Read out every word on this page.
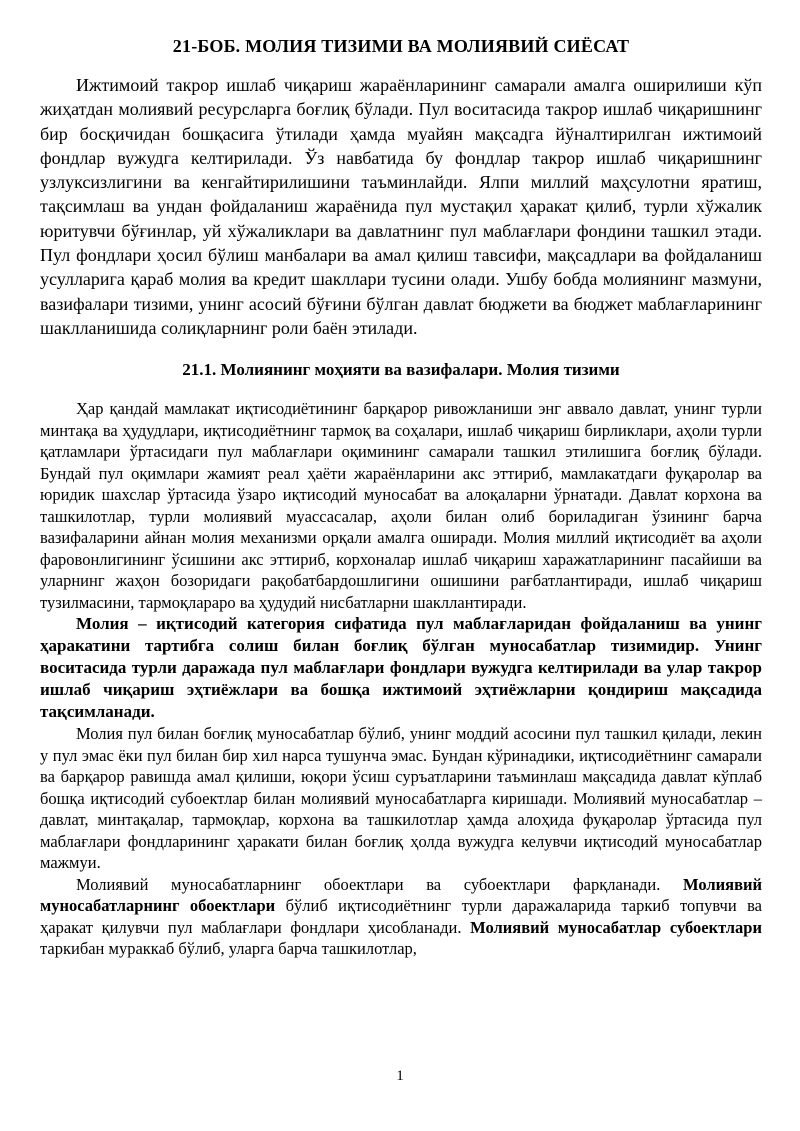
21-БОБ. МОЛИЯ ТИЗИМИ ВА МОЛИЯВИЙ СИЁСАТ

Ижтимоий такрор ишлаб чиқариш жараёнларининг самарали амалга оширилиши кўп жиҳатдан молиявий ресурсларга боғлиқ бўлади. Пул воситасида такрор ишлаб чиқаришнинг бир босқичидан бошқасига ўтилади ҳамда муайян мақсадга йўналтирилган ижтимоий фондлар вужудга келтирилади. Ўз навбатида бу фондлар такрор ишлаб чиқаришнинг узлуксизлигини ва кенгайтирилишини таъминлайди. Ялпи миллий маҳсулотни яратиш, тақсимлаш ва ундан фойдаланиш жараёнида пул мустақил ҳаракат қилиб, турли хўжалик юритувчи бўғинлар, уй хўжаликлари ва давлатнинг пул маблағлари фондини ташкил этади. Пул фондлари ҳосил бўлиш манбалари ва амал қилиш тавсифи, мақсадлари ва фойдаланиш усулларига қараб молия ва кредит шакллари тусини олади. Ушбу бобда молиянинг мазмуни, вазифалари тизими, унинг асосий бўғини бўлган давлат бюджети ва бюджет маблағларининг шаклланишида солиқларнинг роли баён этилади.

21.1. Молиянинг моҳияти ва вазифалари. Молия тизими

Ҳар қандай мамлакат иқтисодиётининг барқарор ривожланиши энг аввало давлат, унинг турли минтақа ва ҳудудлари, иқтисодиётнинг тармоқ ва соҳалари, ишлаб чиқариш бирликлари, аҳоли турли қатламлари ўртасидаги пул маблағлари оқимининг самарали ташкил этилишига боғлиқ бўлади. Бундай пул оқимлари жамият реал ҳаёти жараёнларини акс эттириб, мамлакатдаги фуқаролар ва юридик шахслар ўртасида ўзаро иқтисодий муносабат ва алоқаларни ўрнатади. Давлат корхона ва ташкилотлар, турли молиявий муассасалар, аҳоли билан олиб бориладиган ўзининг барча вазифаларини айнан молия механизми орқали амалга оширади. Молия миллий иқтисодиёт ва аҳоли фаровонлигининг ўсишини акс эттириб, корхоналар ишлаб чиқариш харажатларининг пасайиши ва уларнинг жаҳон бозоридаги рақобатбардошлигини ошишини рағбатлантиради, ишлаб чиқариш тузилмасини, тармоқлараро ва ҳудудий нисбатларни шакллантиради.

Молия – иқтисодий категория сифатида пул маблағларидан фойдаланиш ва унинг ҳаракатини тартибга солиш билан боғлиқ бўлган муносабатлар тизимидир. Унинг воситасида турли даражада пул маблағлари фондлари вужудга келтирилади ва улар такрор ишлаб чиқариш эҳтиёжлари ва бошқа ижтимоий эҳтиёжларни қондириш мақсадида тақсимланади.

Молия пул билан боғлиқ муносабатлар бўлиб, унинг моддий асосини пул ташкил қилади, лекин у пул эмас ёки пул билан бир хил нарса тушунча эмас. Бундан кўринадики, иқтисодиётнинг самарали ва барқарор равишда амал қилиши, юқори ўсиш суръатларини таъминлаш мақсадида давлат кўплаб бошқа иқтисодий субоектлар билан молиявий муносабатларга киришади. Молиявий муносабатлар – давлат, минтақалар, тармоқлар, корхона ва ташкилотлар ҳамда алоҳида фуқаролар ўртасида пул маблағлари фондларининг ҳаракати билан боғлиқ ҳолда вужудга келувчи иқтисодий муносабатлар мажмуи.

Молиявий муносабатларнинг обоектлари ва субоектлари фарқланади. Молиявий муносабатларнинг обоектлари бўлиб иқтисодиётнинг турли даражаларида таркиб топувчи ва ҳаракат қилувчи пул маблағлари фондлари ҳисобланади. Молиявий муносабатлар субоектлари таркибан мураккаб бўлиб, уларга барча ташкилотлар,

1
